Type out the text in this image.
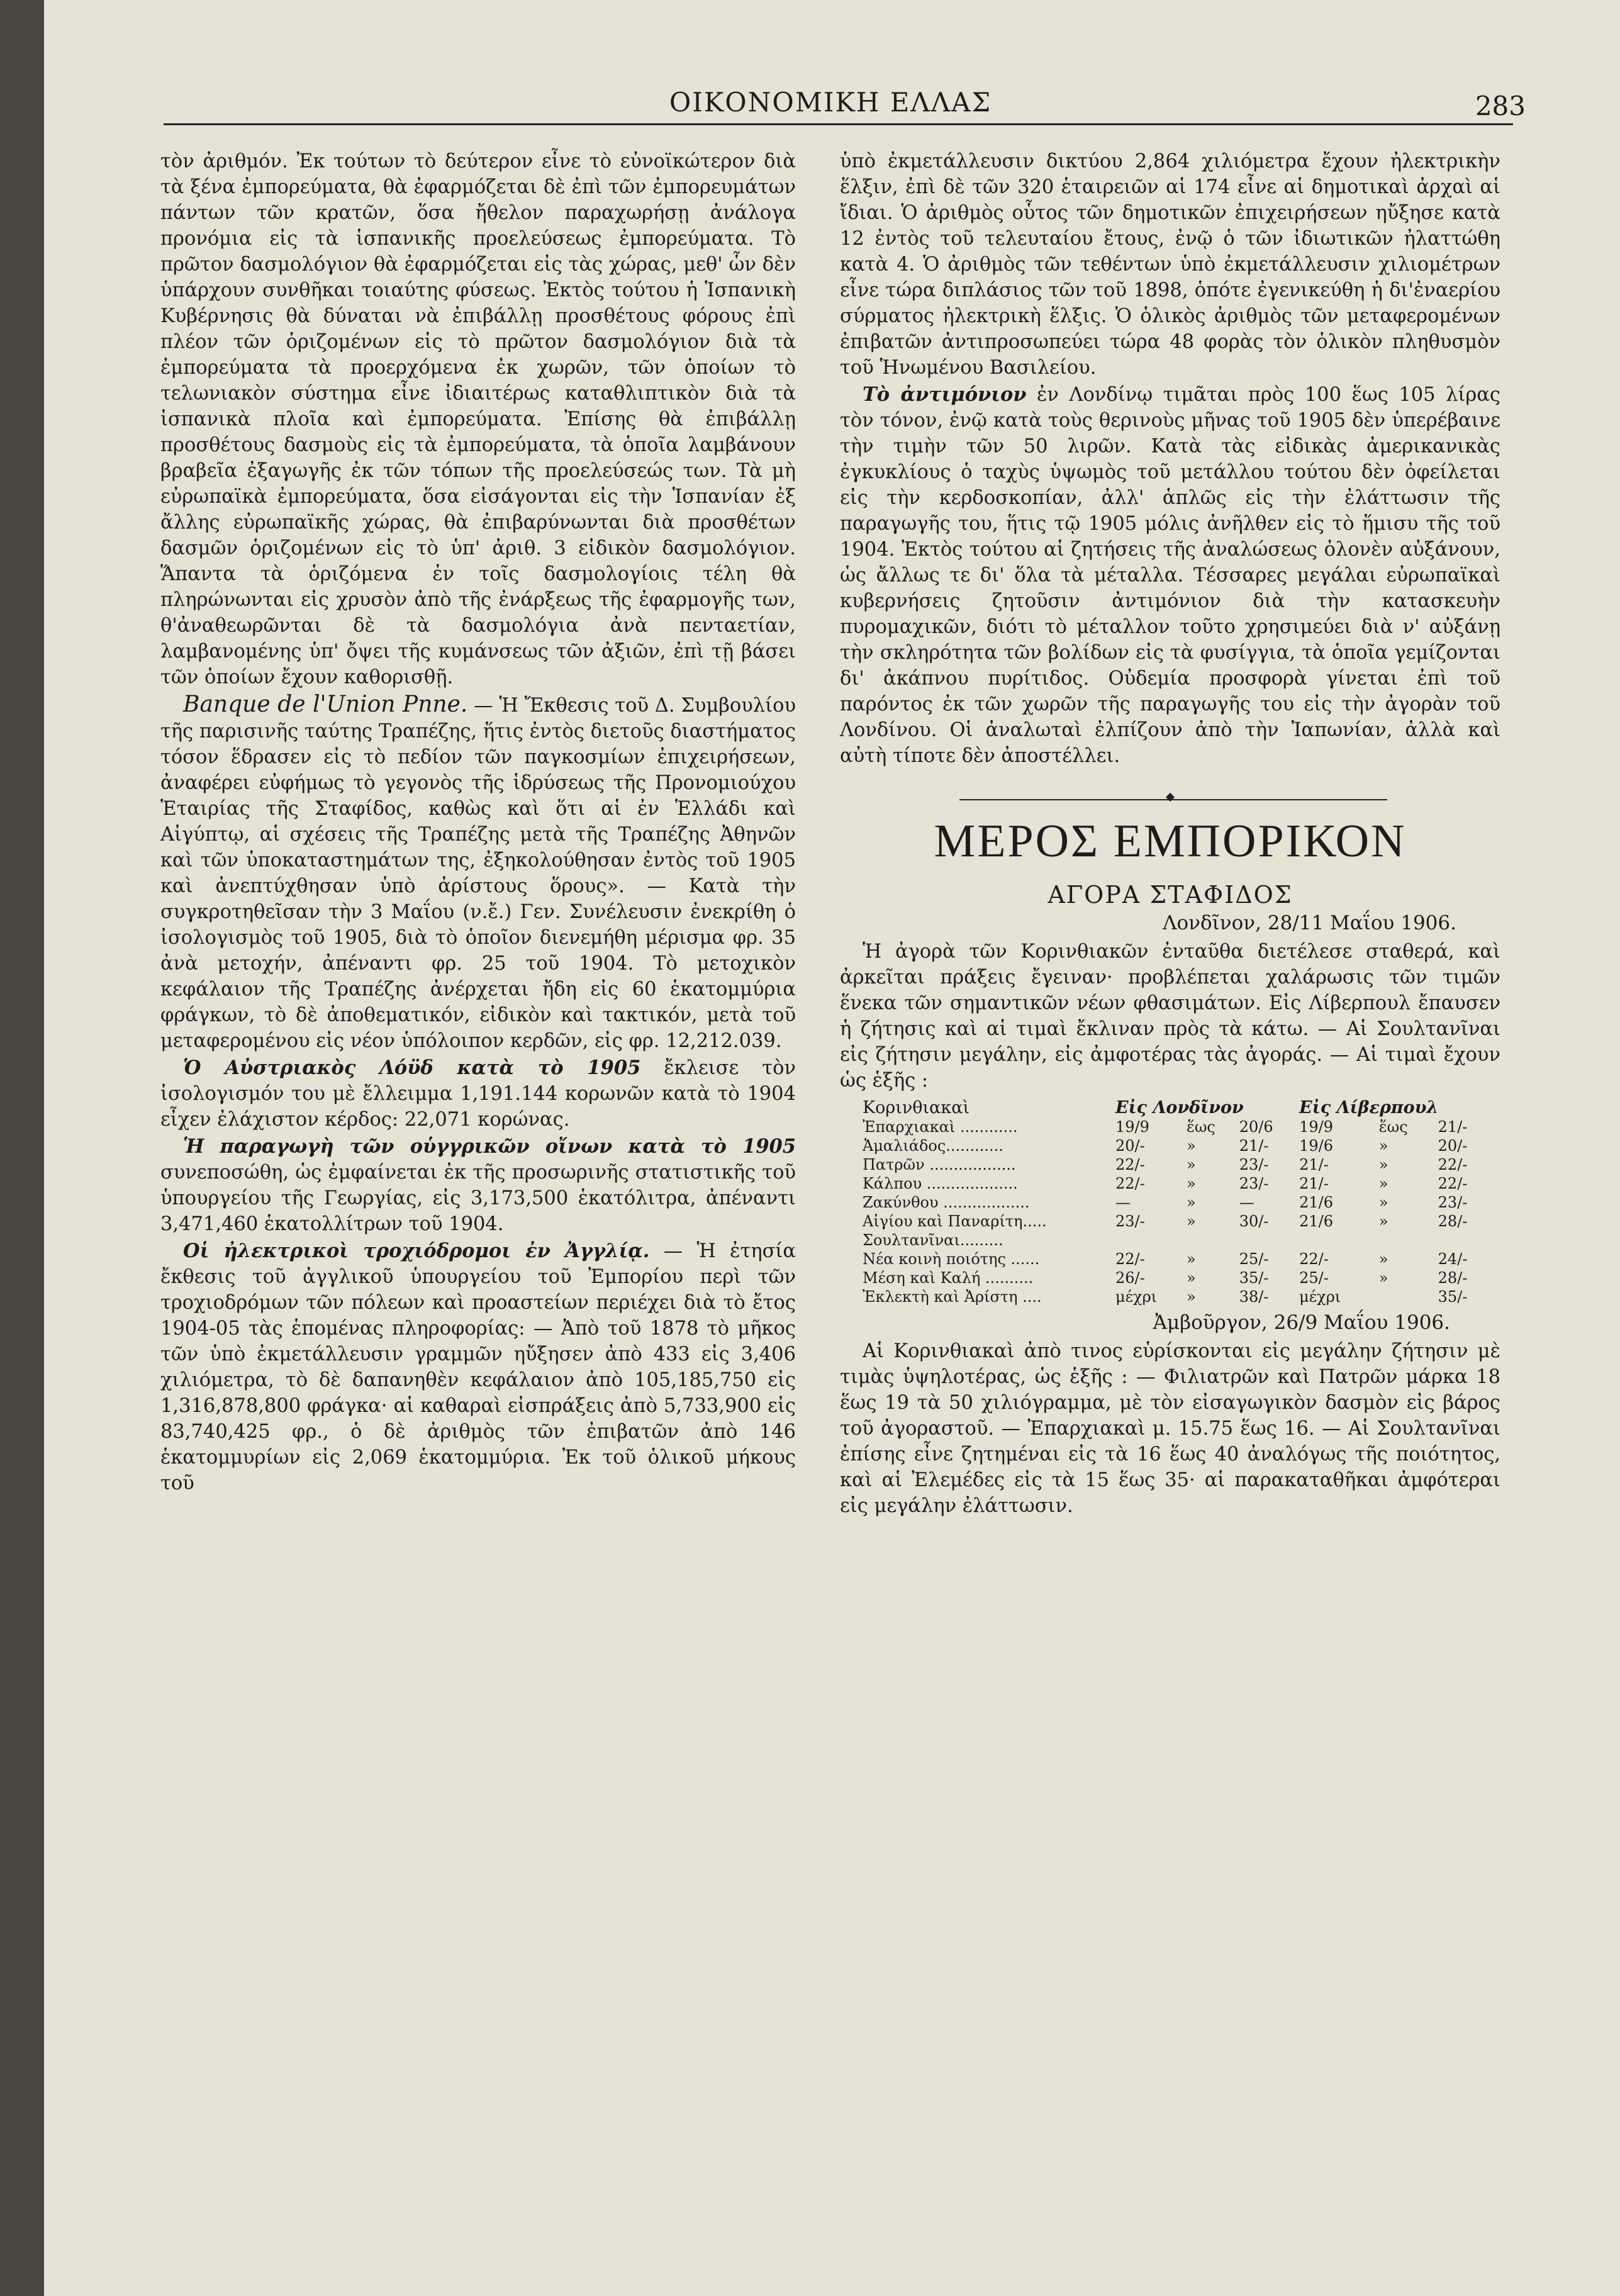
ΟΙΚΟΝΟΜΙΚΗ ΕΛΛΑΣ	283

τὸν ἀριθμόν. Ἐκ τούτων τὸ δεύτερον εἶνε τὸ εὐνοϊκώτερον διὰ τὰ ξένα ἐμπορεύματα, θὰ ἐφαρμόζεται δὲ ἐπὶ τῶν ἐμπορευμάτων πάντων τῶν κρατῶν, ὅσα ἤθελον παραχωρήσῃ ἀνάλογα προνόμια εἰς τὰ ἱσπανικῆς προελεύσεως ἐμπορεύματα. Τὸ πρῶτον δασμολόγιον θὰ ἐφαρμόζεται εἰς τὰς χώρας, μεθ' ὧν δὲν ὑπάρχουν συνθῆκαι τοιαύτης φύσεως. Ἐκτὸς τούτου ἡ Ἱσπανικὴ Κυβέρνησις θὰ δύναται νὰ ἐπιβάλλῃ προσθέτους φόρους ἐπὶ πλέον τῶν ὁριζομένων εἰς τὸ πρῶτον δασμολόγιον διὰ τὰ ἐμπορεύματα τὰ προερχόμενα ἐκ χωρῶν, τῶν ὁποίων τὸ τελωνιακὸν σύστημα εἶνε ἰδιαιτέρως καταθλιπτικὸν διὰ τὰ ἱσπανικὰ πλοῖα καὶ ἐμπορεύματα. Ἐπίσης θὰ ἐπιβάλλῃ προσθέτους δασμοὺς εἰς τὰ ἐμπορεύματα, τὰ ὁποῖα λαμβάνουν βραβεῖα ἐξαγωγῆς ἐκ τῶν τόπων τῆς προελεύσεώς των. Τὰ μὴ εὐρωπαϊκὰ ἐμπορεύματα, ὅσα εἰσάγονται εἰς τὴν Ἱσπανίαν ἐξ ἄλλης εὐρωπαϊκῆς χώρας, θὰ ἐπιβαρύνωνται διὰ προσθέτων δασμῶν ὁριζομένων εἰς τὸ ὑπ' ἀριθ. 3 εἰδικὸν δασμολόγιον. Ἅπαντα τὰ ὁριζόμενα ἐν τοῖς δασμολογίοις τέλη θὰ πληρώνωνται εἰς χρυσὸν ἀπὸ τῆς ἐνάρξεως τῆς ἐφαρμογῆς των, θ'ἀναθεωρῶνται δὲ τὰ δασμολόγια ἀνὰ πενταετίαν, λαμβανομένης ὑπ' ὄψει τῆς κυμάνσεως τῶν ἀξιῶν, ἐπὶ τῇ βάσει τῶν ὁποίων ἔχουν καθορισθῇ.

Banque de l'Union Pnne. — Ἡ Ἔκθεσις τοῦ Δ. Συμβουλίου τῆς παρισινῆς ταύτης Τραπέζης, ἥτις ἐντὸς διετοῦς διαστήματος τόσον ἕδρασεν εἰς τὸ πεδίον τῶν παγκοσμίων ἐπιχειρήσεων, ἀναφέρει εὐφήμως τὸ γεγονὸς τῆς ἱδρύσεως τῆς Προνομιούχου Ἑταιρίας τῆς Σταφίδος, καθὼς καὶ ὅτι αἱ ἐν Ἑλλάδι καὶ Αἰγύπτῳ, αἱ σχέσεις τῆς Τραπέζης μετὰ τῆς Τραπέζης Ἀθηνῶν καὶ τῶν ὑποκαταστημάτων της, ἐξηκολούθησαν ἐντὸς τοῦ 1905 καὶ ἀνεπτύχθησαν ὑπὸ ἀρίστους ὅρους». — Κατὰ τὴν συγκροτηθεῖσαν τὴν 3 Μαΐου (ν.ἔ.) Γεν. Συνέλευσιν ἐνεκρίθη ὁ ἰσολογισμὸς τοῦ 1905, διὰ τὸ ὁποῖον διενεμήθη μέρισμα φρ. 35 ἀνὰ μετοχήν, ἀπέναντι φρ. 25 τοῦ 1904. Τὸ μετοχικὸν κεφάλαιον τῆς Τραπέζης ἀνέρχεται ἤδη εἰς 60 ἑκατομμύρια φράγκων, τὸ δὲ ἀποθεματικόν, εἰδικὸν καὶ τακτικόν, μετὰ τοῦ μεταφερομένου εἰς νέον ὑπόλοιπον κερδῶν, εἰς φρ. 12,212.039.

Ὁ Αὐστριακὸς Λόϋδ κατὰ τὸ 1905 ἔκλεισε τὸν ἰσολογισμόν του μὲ ἔλλειμμα 1,191.144 κορωνῶν κατὰ τὸ 1904 εἶχεν ἐλάχιστον κέρδος: 22,071 κορώνας.

Ἡ παραγωγὴ τῶν οὑγγρικῶν οἴνων κατὰ τὸ 1905 συνεποσώθη, ὡς ἐμφαίνεται ἐκ τῆς προσωρινῆς στατιστικῆς τοῦ ὑπουργείου τῆς Γεωργίας, εἰς 3,173,500 ἑκατόλιτρα, ἀπέναντι 3,471,460 ἑκατολλίτρων τοῦ 1904.

Οἱ ἠλεκτρικοὶ τροχιόδρομοι ἐν Ἀγγλίᾳ. — Ἡ ἐτησία ἔκθεσις τοῦ ἀγγλικοῦ ὑπουργείου τοῦ Ἐμπορίου περὶ τῶν τροχιοδρόμων τῶν πόλεων καὶ προαστείων περιέχει διὰ τὸ ἔτος 1904-05 τὰς ἑπομένας πληροφορίας: — Ἀπὸ τοῦ 1878 τὸ μῆκος τῶν ὑπὸ ἐκμετάλλευσιν γραμμῶν ηὔξησεν ἀπὸ 433 εἰς 3,406 χιλιόμετρα, τὸ δὲ δαπανηθὲν κεφάλαιον ἀπὸ 105,185,750 εἰς 1,316,878,800 φράγκα· αἱ καθαραὶ εἰσπράξεις ἀπὸ 5,733,900 εἰς 83,740,425 φρ., ὁ δὲ ἀριθμὸς τῶν ἐπιβατῶν ἀπὸ 146 ἑκατομμυρίων εἰς 2,069 ἑκατομμύρια. Ἐκ τοῦ ὁλικοῦ μήκους τοῦ

ὑπὸ ἐκμετάλλευσιν δικτύου 2,864 χιλιόμετρα ἔχουν ἠλεκτρικὴν ἕλξιν, ἐπὶ δὲ τῶν 320 ἑταιρειῶν αἱ 174 εἶνε αἱ δημοτικαὶ ἀρχαὶ αἱ ἴδιαι. Ὁ ἀριθμὸς οὗτος τῶν δημοτικῶν ἐπιχειρήσεων ηὔξησε κατὰ 12 ἐντὸς τοῦ τελευταίου ἔτους, ἐνῷ ὁ τῶν ἰδιωτικῶν ἠλαττώθη κατὰ 4. Ὁ ἀριθμὸς τῶν τεθέντων ὑπὸ ἐκμετάλλευσιν χιλιομέτρων εἶνε τώρα διπλάσιος τῶν τοῦ 1898, ὁπότε ἐγενικεύθη ἡ δι'ἐναερίου σύρματος ἠλεκτρικὴ ἕλξις. Ὁ ὁλικὸς ἀριθμὸς τῶν μεταφερομένων ἐπιβατῶν ἀντιπροσωπεύει τώρα 48 φορὰς τὸν ὁλικὸν πληθυσμὸν τοῦ Ἡνωμένου Βασιλείου.

Τὸ ἀντιμόνιον ἐν Λονδίνῳ τιμᾶται πρὸς 100 ἕως 105 λίρας τὸν τόνον, ἐνῷ κατὰ τοὺς θερινοὺς μῆνας τοῦ 1905 δὲν ὑπερέβαινε τὴν τιμὴν τῶν 50 λιρῶν. Κατὰ τὰς εἰδικὰς ἀμερικανικὰς ἐγκυκλίους ὁ ταχὺς ὑψωμὸς τοῦ μετάλλου τούτου δὲν ὀφείλεται εἰς τὴν κερδοσκοπίαν, ἀλλ' ἁπλῶς εἰς τὴν ἐλάττωσιν τῆς παραγωγῆς του, ἥτις τῷ 1905 μόλις ἀνῆλθεν εἰς τὸ ἥμισυ τῆς τοῦ 1904. Ἐκτὸς τούτου αἱ ζητήσεις τῆς ἀναλώσεως ὁλονὲν αὐξάνουν, ὡς ἄλλως τε δι' ὅλα τὰ μέταλλα. Τέσσαρες μεγάλαι εὐρωπαϊκαὶ κυβερνήσεις ζητοῦσιν ἀντιμόνιον διὰ τὴν κατασκευὴν πυρομαχικῶν, διότι τὸ μέταλλον τοῦτο χρησιμεύει διὰ ν' αὐξάνῃ τὴν σκληρότητα τῶν βολίδων εἰς τὰ φυσίγγια, τὰ ὁποῖα γεμίζονται δι' ἀκάπνου πυρίτιδος. Οὐδεμία προσφορὰ γίνεται ἐπὶ τοῦ παρόντος ἐκ τῶν χωρῶν τῆς παραγωγῆς του εἰς τὴν ἀγορὰν τοῦ Λονδίνου. Οἱ ἀναλωταὶ ἐλπίζουν ἀπὸ τὴν Ἰαπωνίαν, ἀλλὰ καὶ αὐτὴ τίποτε δὲν ἀποστέλλει.

ΜΕΡΟΣ ΕΜΠΟΡΙΚΟΝ
ΑΓΟΡΑ ΣΤΑΦΙΔΟΣ
Λονδῖνον, 28/11 Μαΐου 1906.

Ἡ ἀγορὰ τῶν Κορινθιακῶν ἐνταῦθα διετέλεσε σταθερά, καὶ ἀρκεῖται πράξεις ἔγειναν· προβλέπεται χαλάρωσις τῶν τιμῶν ἕνεκα τῶν σημαντικῶν νέων φθασιμάτων. Εἰς Λίβερπουλ ἔπαυσεν ἡ ζήτησις καὶ αἱ τιμαὶ ἔκλιναν πρὸς τὰ κάτω. — Αἱ Σουλτανῖναι εἰς ζήτησιν μεγάλην, εἰς ἀμφοτέρας τὰς ἀγοράς. — Αἱ τιμαὶ ἔχουν ὡς ἑξῆς :

Κορινθιακαὶ	Εἰς Λονδῖνον			Εἰς Λίβερπουλ		
Ἐπαρχιακαὶ ............	19/9	ἕως	20/6	19/9	ἕως	21/-
Ἀμαλιάδος............	20/-	»	21/-	19/6	»	20/-
Πατρῶν ..................	22/-	»	23/-	21/-	»	22/-
Κάλπου ...................	22/-	»	23/-	21/-	»	22/-
Ζακύνθου ..................	—	»	—	21/6	»	23/-
Αἰγίου καὶ Παναρίτη.....	23/-	»	30/-	21/6	»	28/-
Σουλτανῖναι.........						
Νέα κοινὴ ποιότης ......	22/-	»	25/-	22/-	»	24/-
Μέση καὶ Καλή ..........	26/-	»	35/-	25/-	»	28/-
Ἐκλεκτὴ καὶ Ἀρίστη ....	μέχρι	»	38/-	μέχρι		35/-
Ἀμβοῦργον, 26/9 Μαΐου 1906.

Αἱ Κορινθιακαὶ ἀπὸ τινος εὑρίσκονται εἰς μεγάλην ζήτησιν μὲ τιμὰς ὑψηλοτέρας, ὡς ἑξῆς : — Φιλιατρῶν καὶ Πατρῶν μάρκα 18 ἕως 19 τὰ 50 χιλιόγραμμα, μὲ τὸν εἰσαγωγικὸν δασμὸν εἰς βάρος τοῦ ἀγοραστοῦ. — Ἐπαρχιακαὶ μ. 15.75 ἕως 16. — Αἱ Σουλτανῖναι ἐπίσης εἶνε ζητημέναι εἰς τὰ 16 ἕως 40 ἀναλόγως τῆς ποιότητος, καὶ αἱ Ἐλεμέδες εἰς τὰ 15 ἕως 35· αἱ παρακαταθῆκαι ἀμφότεραι εἰς μεγάλην ἐλάττωσιν.
